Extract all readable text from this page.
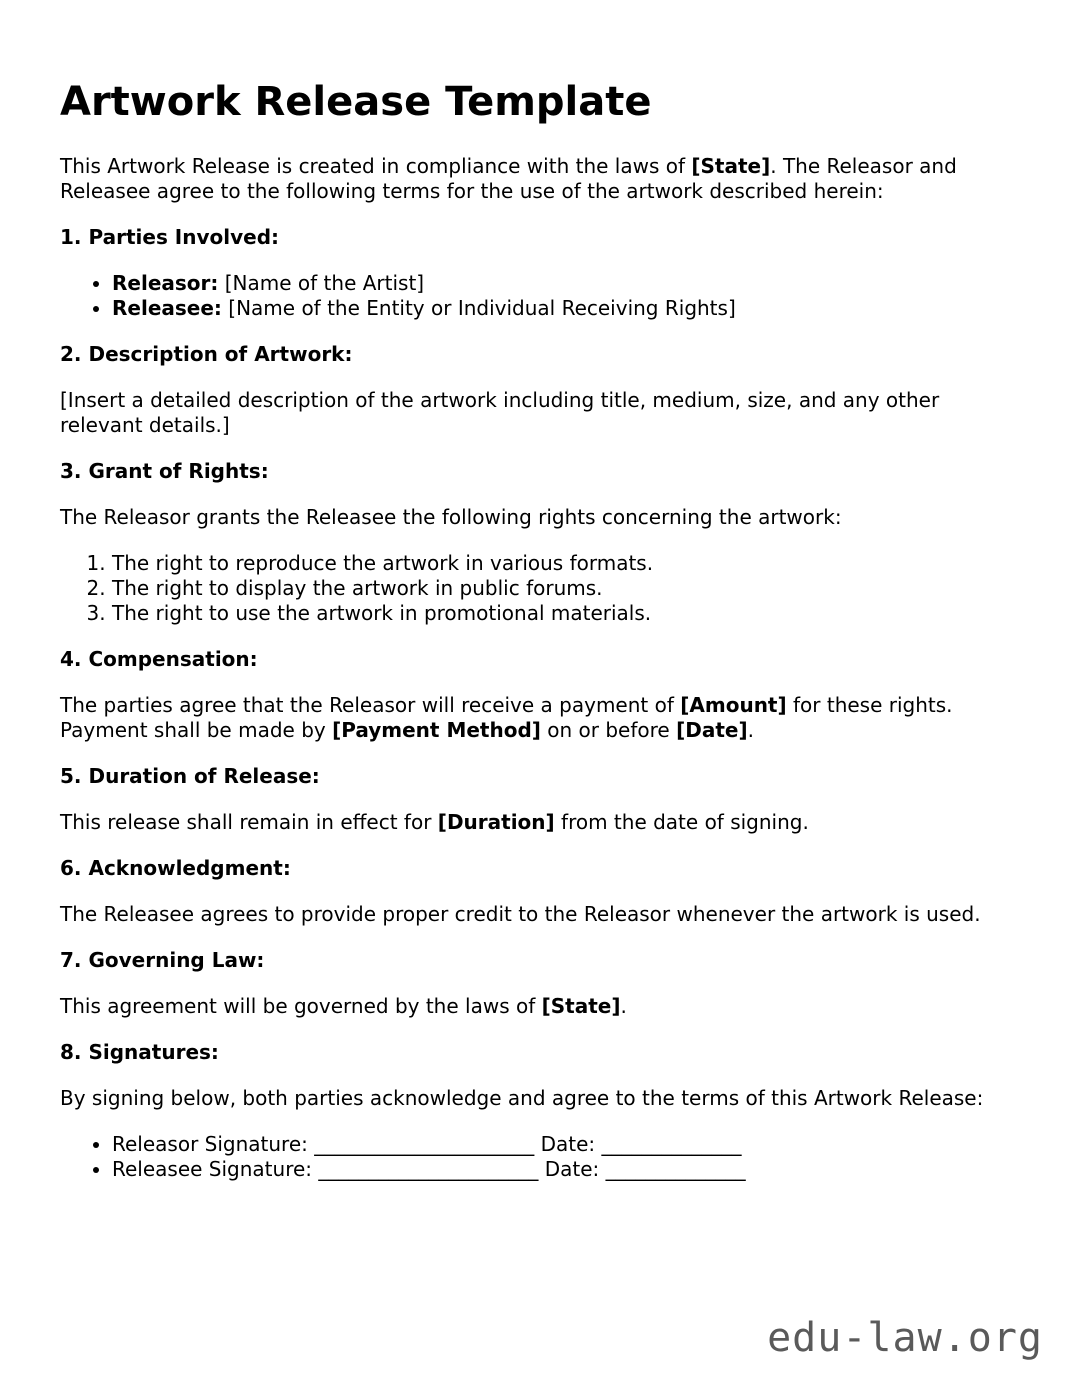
Artwork Release Template

This Artwork Release is created in compliance with the laws of [State]. The Releasor and Releasee agree to the following terms for the use of the artwork described herein:

1. Parties Involved:
• Releasor: [Name of the Artist]
• Releasee: [Name of the Entity or Individual Receiving Rights]
2. Description of Artwork:

[Insert a detailed description of the artwork including title, medium, size, and any other relevant details.]

3. Grant of Rights:

The Releasor grants the Releasee the following rights concerning the artwork:

1. The right to reproduce the artwork in various formats.
2. The right to display the artwork in public forums.
3. The right to use the artwork in promotional materials.
4. Compensation:

The parties agree that the Releasor will receive a payment of [Amount] for these rights. Payment shall be made by [Payment Method] on or before [Date].

5. Duration of Release:

This release shall remain in effect for [Duration] from the date of signing.

6. Acknowledgment:

The Releasee agrees to provide proper credit to the Releasor whenever the artwork is used.

7. Governing Law:

This agreement will be governed by the laws of [State].

8. Signatures:

By signing below, both parties acknowledge and agree to the terms of this Artwork Release:

• Releasor Signature: ______________________ Date: ______________
• Releasee Signature: ______________________ Date: ______________
edu-law.org
